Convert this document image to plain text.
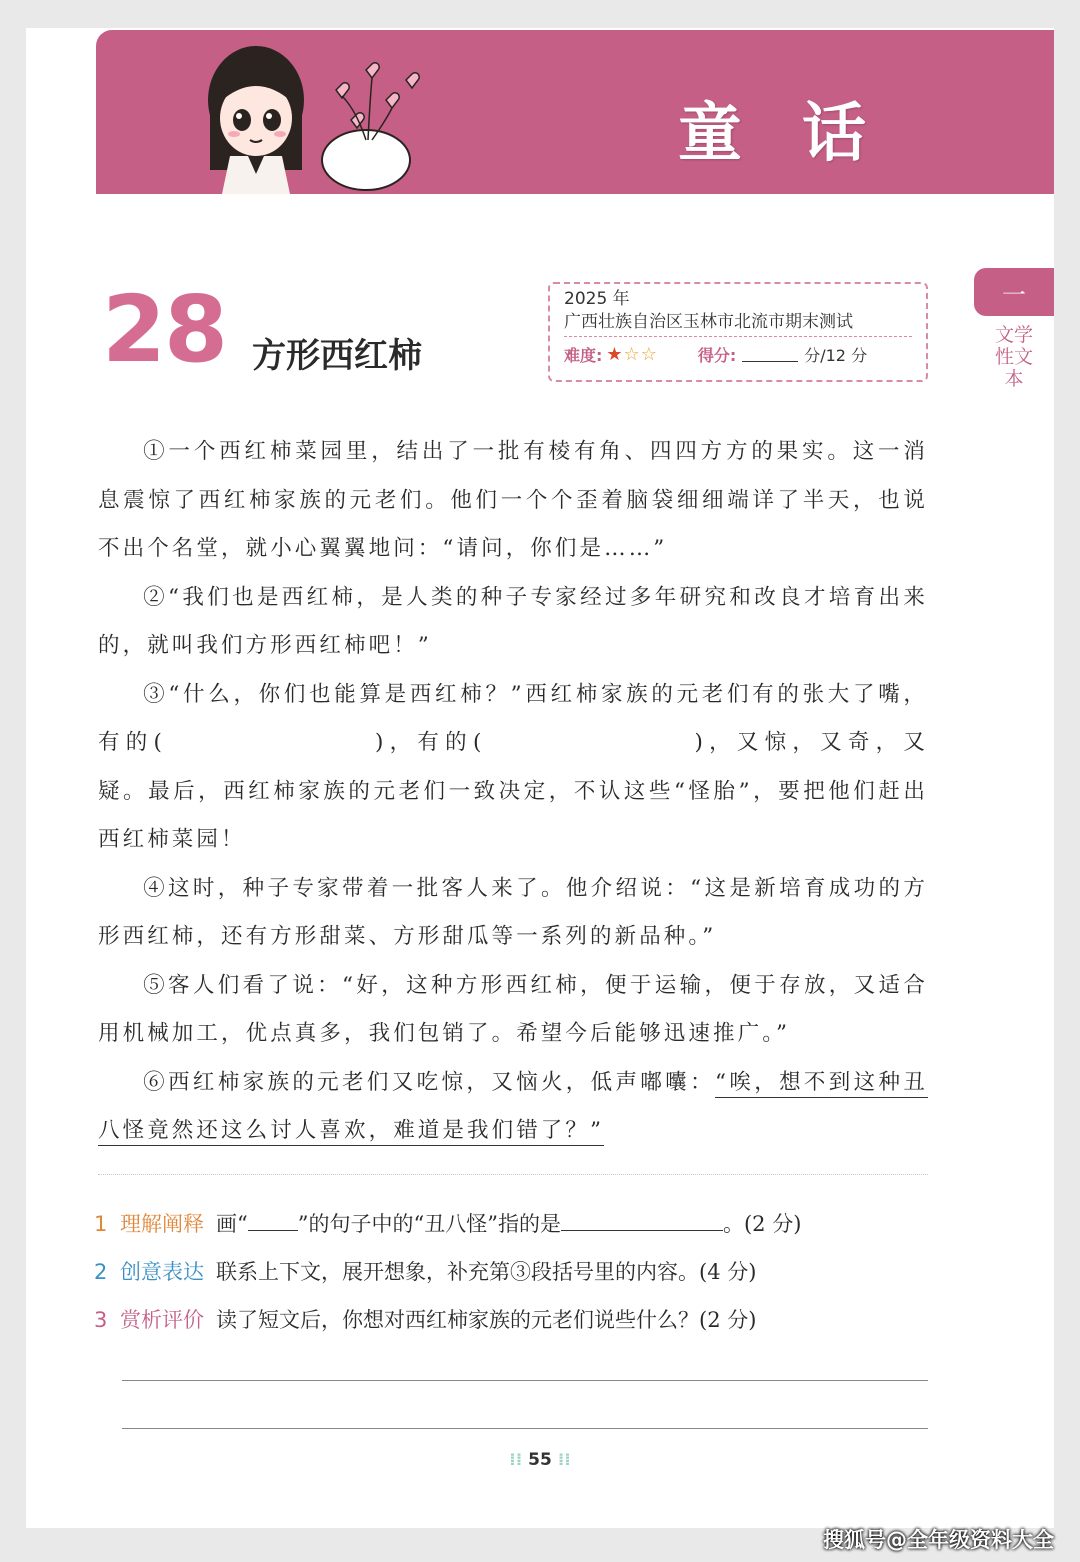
童话
一
文学性文本
28 方形西红柿
2025 年
广西壮族自治区玉林市北流市期末测试
难度: ★☆☆	得分:	分/12 分

①一个西红柿菜园里，结出了一批有棱有角、四四方方的果实。这一消息震惊了西红柿家族的元老们。他们一个个歪着脑袋细细端详了半天，也说不出个名堂，就小心翼翼地问：“请问，你们是……”

②“我们也是西红柿，是人类的种子专家经过多年研究和改良才培育出来的，就叫我们方形西红柿吧！”

③“什么，你们也能算是西红柿？”西红柿家族的元老们有的张大了嘴，有的(	)，有的(	)，又惊，又奇，又疑。最后，西红柿家族的元老们一致决定，不认这些“怪胎”，要把他们赶出西红柿菜园！

④这时，种子专家带着一批客人来了。他介绍说：“这是新培育成功的方形西红柿，还有方形甜菜、方形甜瓜等一系列的新品种。”

⑤客人们看了说：“好，这种方形西红柿，便于运输，便于存放，又适合用机械加工，优点真多，我们包销了。希望今后能够迅速推广。”

⑥西红柿家族的元老们又吃惊，又恼火，低声嘟囔：“唉，想不到这种丑八怪竟然还这么讨人喜欢，难道是我们错了？”

1 理解阐释 画“ ”的句子中的“丑八怪”指的是	。(2 分)
2 创意表达 联系上下文，展开想象，补充第③段括号里的内容。(4 分)
3 赏析评价 读了短文后，你想对西红柿家族的元老们说些什么？(2 分)
⁞⁞ 55 ⁞⁞
搜狐号@全年级资料大全
